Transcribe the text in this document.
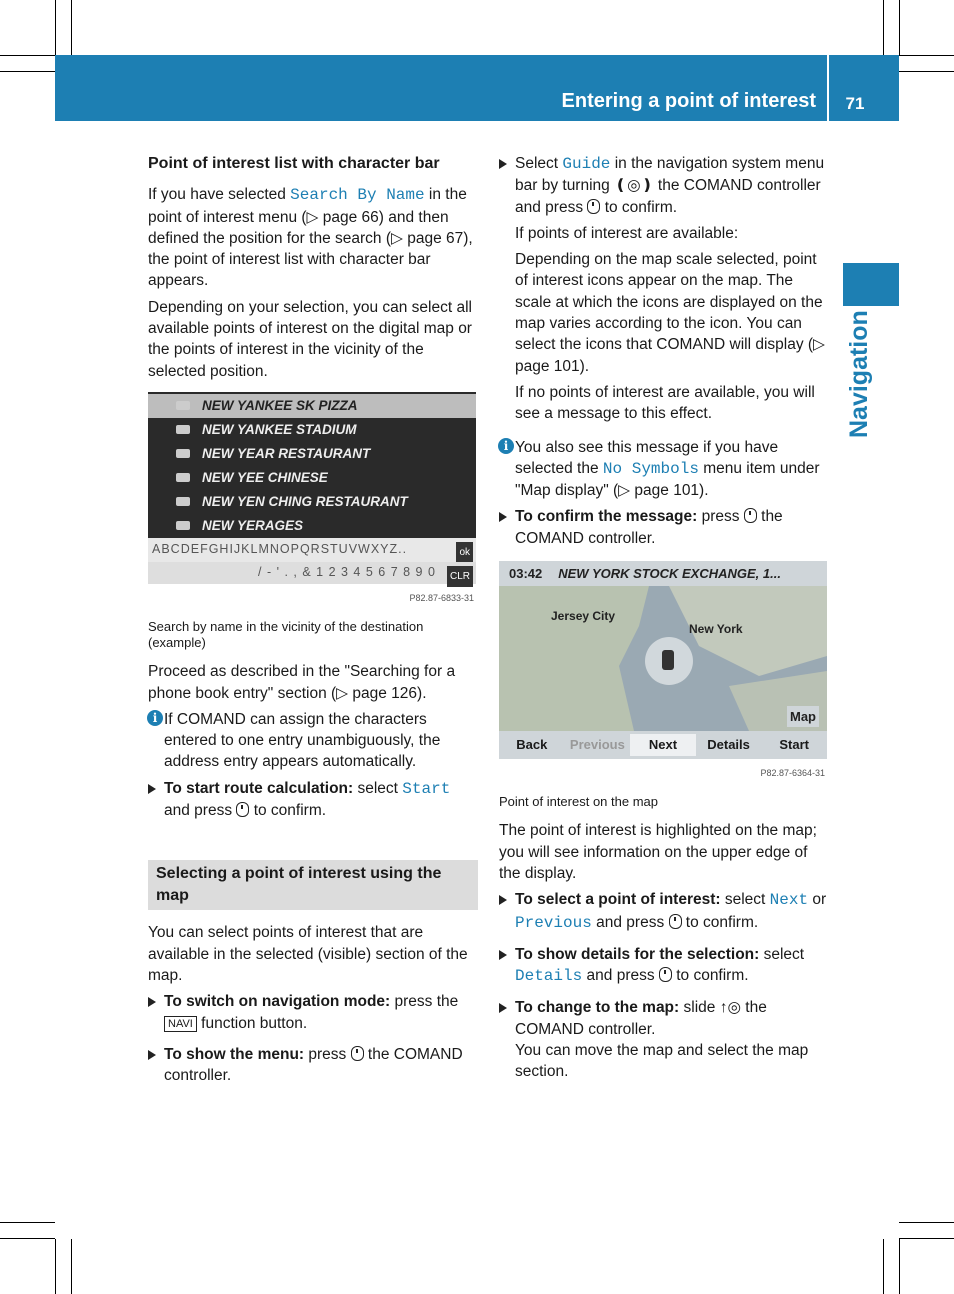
Entering a point of interest	71
Navigation

Point of interest list with character bar

If you have selected Search By Name in the point of interest menu (▷ page 66) and then defined the position for the search (▷ page 67), the point of interest list with character bar appears.

Depending on your selection, you can select all available points of interest on the digital map or the points of interest in the vicinity of the selected position.

NEW YANKEE SK PIZZA
NEW YANKEE STADIUM
NEW YEAR RESTAURANT
NEW YEE CHINESE
NEW YEN CHING RESTAURANT
NEW YERAGES
ABCDEFGHIJKLMNOPQRSTUVWXYZ..	ok
/ - ' . , & 1 2 3 4 5 6 7 8 9 0	CLR
P82.87-6833-31

Search by name in the vicinity of the destination (example)

Proceed as described in the "Searching for a phone book entry" section (▷ page 126).

i If COMAND can assign the characters entered to one entry unambiguously, the address entry appears automatically.

To start route calculation: select Start and press  to confirm.

Selecting a point of interest using the map

You can select points of interest that are available in the selected (visible) section of the map.

To switch on navigation mode: press the NAVI function button.

To show the menu: press  the COMAND controller.

Select Guide in the navigation system menu bar by turning ❪◎❫ the COMAND controller and press  to confirm.

If points of interest are available:

Depending on the map scale selected, point of interest icons appear on the map. The scale at which the icons are displayed on the map varies according to the icon. You can select the icons that COMAND will display (▷ page 101).

If no points of interest are available, you will see a message to this effect.

i You also see this message if you have selected the No Symbols menu item under "Map display" (▷ page 101).

To confirm the message: press  the COMAND controller.

03:42 NEW YORK STOCK EXCHANGE, 1...
Jersey City
New York
Map
Back	Previous	Next	Details	Start
P82.87-6364-31

Point of interest on the map

The point of interest is highlighted on the map; you will see information on the upper edge of the display.

To select a point of interest: select Next or Previous and press  to confirm.

To show details for the selection: select Details and press  to confirm.

To change to the map: slide ↑◎ the COMAND controller.

You can move the map and select the map section.
